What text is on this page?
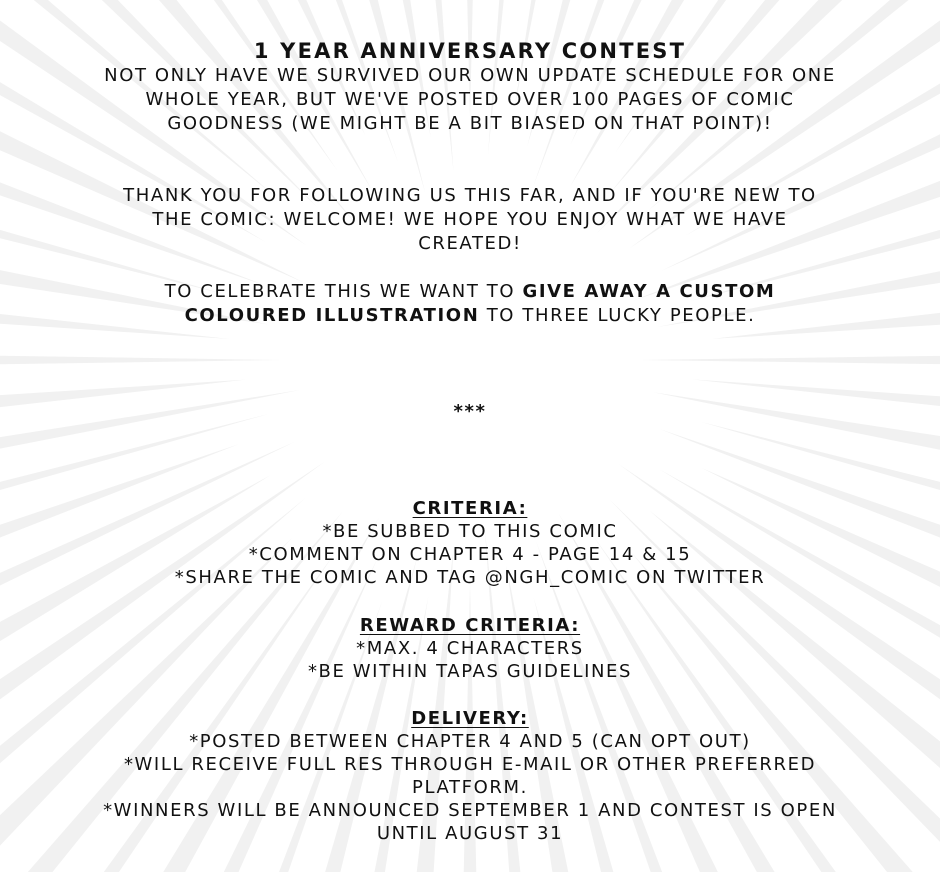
1 YEAR ANNIVERSARY CONTEST

NOT ONLY HAVE WE SURVIVED OUR OWN UPDATE SCHEDULE FOR ONE WHOLE YEAR, BUT WE'VE POSTED OVER 100 PAGES OF COMIC GOODNESS (WE MIGHT BE A BIT BIASED ON THAT POINT)!

THANK YOU FOR FOLLOWING US THIS FAR, AND IF YOU'RE NEW TO THE COMIC: WELCOME! WE HOPE YOU ENJOY WHAT WE HAVE CREATED!

TO CELEBRATE THIS WE WANT TO GIVE AWAY A CUSTOM COLOURED ILLUSTRATION TO THREE LUCKY PEOPLE.

***

CRITERIA:
*BE SUBBED TO THIS COMIC
*COMMENT ON CHAPTER 4 - PAGE 14 & 15
*SHARE THE COMIC AND TAG @NGH_COMIC ON TWITTER
REWARD CRITERIA:
*MAX. 4 CHARACTERS
*BE WITHIN TAPAS GUIDELINES
DELIVERY:
*POSTED BETWEEN CHAPTER 4 AND 5 (CAN OPT OUT)
*WILL RECEIVE FULL RES THROUGH E-MAIL OR OTHER PREFERRED PLATFORM.
*WINNERS WILL BE ANNOUNCED SEPTEMBER 1 AND CONTEST IS OPEN UNTIL AUGUST 31
